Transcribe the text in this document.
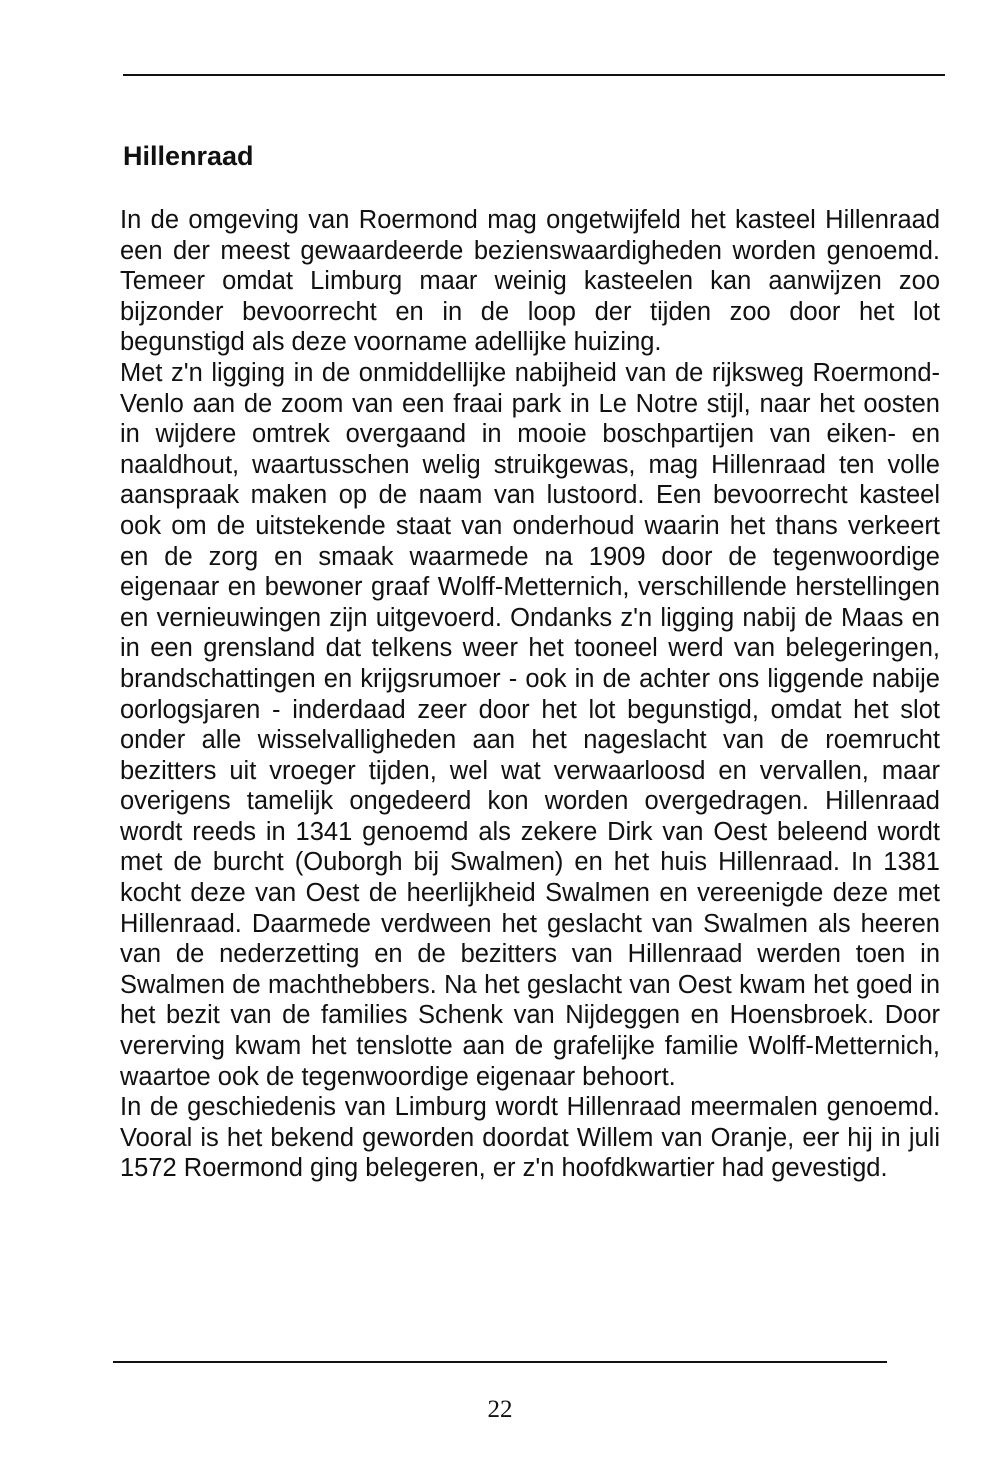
Hillenraad

In de omgeving van Roermond mag ongetwijfeld het kasteel Hillenraad een der meest gewaardeerde bezienswaardigheden worden genoemd. Temeer omdat Limburg maar weinig kasteelen kan aanwijzen zoo bijzonder bevoorrecht en in de loop der tijden zoo door het lot begunstigd als deze voorname adellijke huizing.

Met z'n ligging in de onmiddellijke nabijheid van de rijksweg Roermond-Venlo aan de zoom van een fraai park in Le Notre stijl, naar het oosten in wijdere omtrek overgaand in mooie boschpartijen van eiken- en naaldhout, waartusschen welig struikgewas, mag Hillenraad ten volle aanspraak maken op de naam van lustoord. Een bevoorrecht kasteel ook om de uitstekende staat van onderhoud waarin het thans verkeert en de zorg en smaak waarmede na 1909 door de tegenwoordige eigenaar en bewoner graaf Wolff-Metternich, verschillende herstellingen en vernieuwingen zijn uitgevoerd. Ondanks z'n ligging nabij de Maas en in een grensland dat telkens weer het tooneel werd van belegeringen, brandschattingen en krijgsrumoer - ook in de achter ons liggende nabije oorlogsjaren - inderdaad zeer door het lot begunstigd, omdat het slot onder alle wisselvalligheden aan het nageslacht van de roemrucht bezitters uit vroeger tijden, wel wat verwaarloosd en vervallen, maar overigens tamelijk ongedeerd kon worden overgedragen. Hillenraad wordt reeds in 1341 genoemd als zekere Dirk van Oest beleend wordt met de burcht (Ouborgh bij Swalmen) en het huis Hillenraad. In 1381 kocht deze van Oest de heerlijkheid Swalmen en vereenigde deze met Hillenraad. Daarmede verdween het geslacht van Swalmen als heeren van de nederzetting en de bezitters van Hillenraad werden toen in Swalmen de machthebbers. Na het geslacht van Oest kwam het goed in het bezit van de families Schenk van Nijdeggen en Hoensbroek. Door vererving kwam het tenslotte aan de grafelijke familie Wolff-Metternich, waartoe ook de tegenwoordige eigenaar behoort.

In de geschiedenis van Limburg wordt Hillenraad meermalen genoemd. Vooral is het bekend geworden doordat Willem van Oranje, eer hij in juli 1572 Roermond ging belegeren, er z'n hoofdkwartier had gevestigd.

22
